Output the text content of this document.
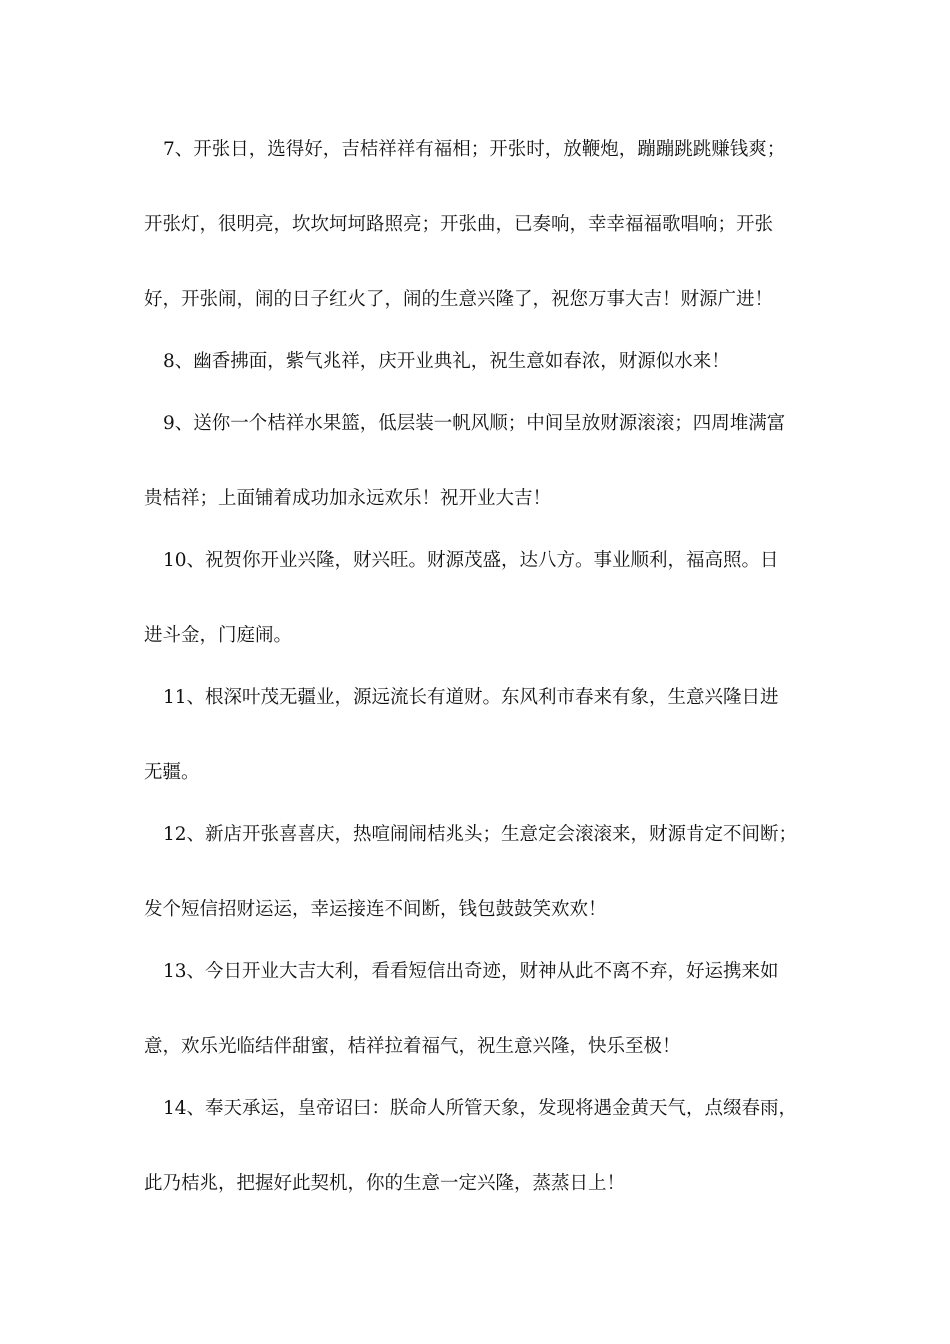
7、开张日，选得好，吉桔祥祥有福相；开张时，放鞭炮，蹦蹦跳跳赚钱爽；
开张灯，很明亮，坎坎坷坷路照亮；开张曲，已奏响，幸幸福福歌唱响；开张
好，开张闹，闹的日子红火了，闹的生意兴隆了，祝您万事大吉！财源广进！
8、幽香拂面，紫气兆祥，庆开业典礼，祝生意如春浓，财源似水来！
9、送你一个桔祥水果篮，低层装一帆风顺；中间呈放财源滚滚；四周堆满富
贵桔祥；上面铺着成功加永远欢乐！祝开业大吉！
10、祝贺你开业兴隆，财兴旺。财源茂盛，达八方。事业顺利，福高照。日
进斗金，门庭闹。
11、根深叶茂无疆业，源远流长有道财。东风利市春来有象，生意兴隆日进
无疆。
12、新店开张喜喜庆，热喧闹闹桔兆头；生意定会滚滚来，财源肯定不间断；
发个短信招财运运，幸运接连不间断，钱包鼓鼓笑欢欢！
13、今日开业大吉大利，看看短信出奇迹，财神从此不离不弃，好运携来如
意，欢乐光临结伴甜蜜，桔祥拉着福气，祝生意兴隆，快乐至极！
14、奉天承运，皇帝诏曰：朕命人所管天象，发现将遇金黄天气，点缀春雨，
此乃桔兆，把握好此契机，你的生意一定兴隆，蒸蒸日上！
